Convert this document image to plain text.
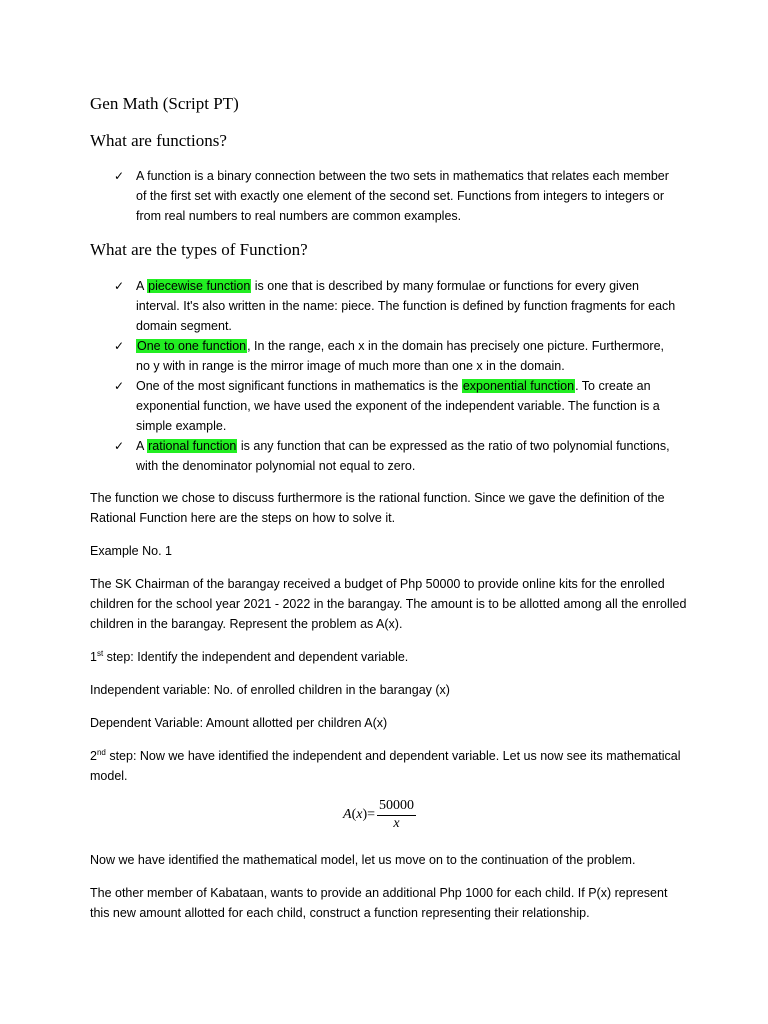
Gen Math (Script PT)
What are functions?
✓ A function is a binary connection between the two sets in mathematics that relates each member of the first set with exactly one element of the second set. Functions from integers to integers or from real numbers to real numbers are common examples.
What are the types of Function?
✓ A piecewise function is one that is described by many formulae or functions for every given interval. It's also written in the name: piece. The function is defined by function fragments for each domain segment.
✓ One to one function, In the range, each x in the domain has precisely one picture. Furthermore, no y with in range is the mirror image of much more than one x in the domain.
✓ One of the most significant functions in mathematics is the exponential function. To create an exponential function, we have used the exponent of the independent variable. The function is a simple example.
✓ A rational function is any function that can be expressed as the ratio of two polynomial functions, with the denominator polynomial not equal to zero.

The function we chose to discuss furthermore is the rational function. Since we gave the definition of the Rational Function here are the steps on how to solve it.

Example No. 1

The SK Chairman of the barangay received a budget of Php 50000 to provide online kits for the enrolled children for the school year 2021 - 2022 in the barangay. The amount is to be allotted among all the enrolled children in the barangay. Represent the problem as A(x).

1st step: Identify the independent and dependent variable.

Independent variable: No. of enrolled children in the barangay (x)

Dependent Variable: Amount allotted per children A(x)

2nd step: Now we have identified the independent and dependent variable. Let us now see its mathematical model.

A ( x ) = $\frac{50000}{x}$

Now we have identified the mathematical model, let us move on to the continuation of the problem.

The other member of Kabataan, wants to provide an additional Php 1000 for each child. If P(x) represent this new amount allotted for each child, construct a function representing their relationship.
